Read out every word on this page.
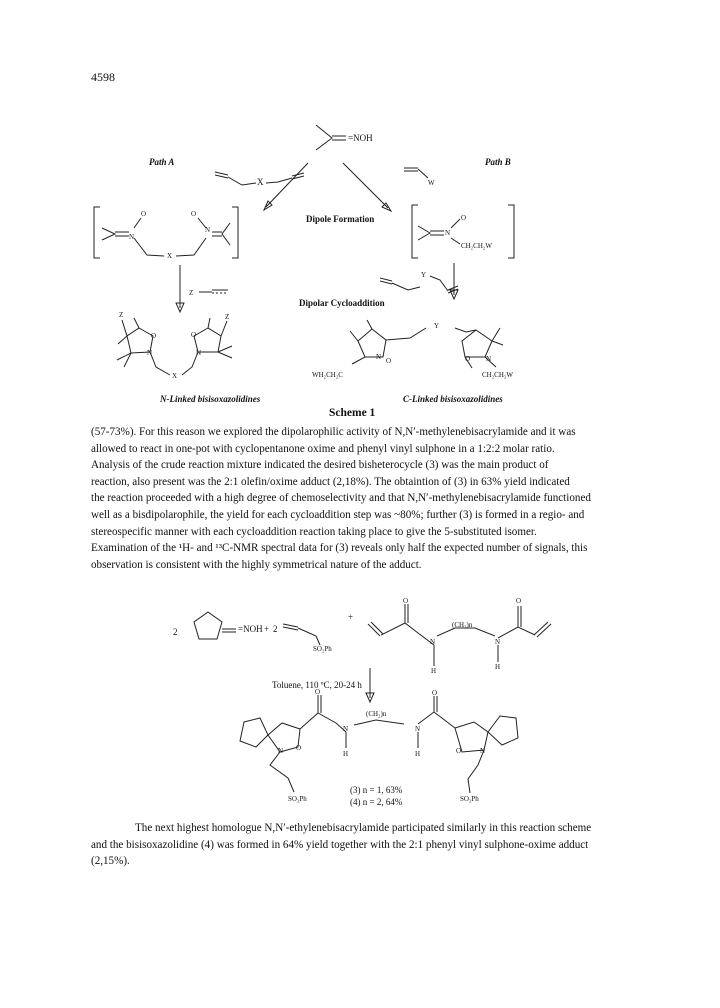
4598
=NOH
Path A	Path B
X	W
Dipole Formation
N
O	O
N
X
N
O
CH₂CH₂W
Z
Y
Dipolar Cycloaddition
Z
O
N
Z
O
N
X
Y
N O	O N
WH₂CH₂C	CH₂CH₂W
N-Linked bisisoxazolidines	C-Linked bisisoxazolidines
Scheme 1

(57-73%). For this reason we explored the dipolarophilic activity of N,N′-methylenebisacrylamide and it was

allowed to react in one-pot with cyclopentanone oxime and phenyl vinyl sulphone in a 1:2:2 molar ratio.

Analysis of the crude reaction mixture indicated the desired bisheterocycle (3) was the main product of

reaction, also present was the 2:1 olefin/oxime adduct (2,18%). The obtaintion of (3) in 63% yield indicated

the reaction proceeded with a high degree of chemoselectivity and that N,N′-methylenebisacrylamide functioned

well as a bisdipolarophile, the yield for each cycloaddition step was ~80%; further (3) is formed in a regio- and

stereospecific manner with each cycloaddition reaction taking place to give the 5-substituted isomer.

Examination of the ¹H- and ¹³C-NMR spectral data for (3) reveals only half the expected number of signals, this

observation is consistent with the highly symmetrical nature of the adduct.

2	=NOH + 2
SO₂Ph
+
O	O
(CH₂)n
N	N
H	H
Toluene, 110 ºC, 20-24 h
O	O
(CH₂)n
N	N
H	H
N O	O	N
(3) n = 1, 63%
(4) n = 2, 64%
SO₂Ph	SO₂Ph

The next highest homologue N,N′-ethylenebisacrylamide participated similarly in this reaction scheme

and the bisisoxazolidine (4) was formed in 64% yield together with the 2:1 phenyl vinyl sulphone-oxime adduct

(2,15%).
